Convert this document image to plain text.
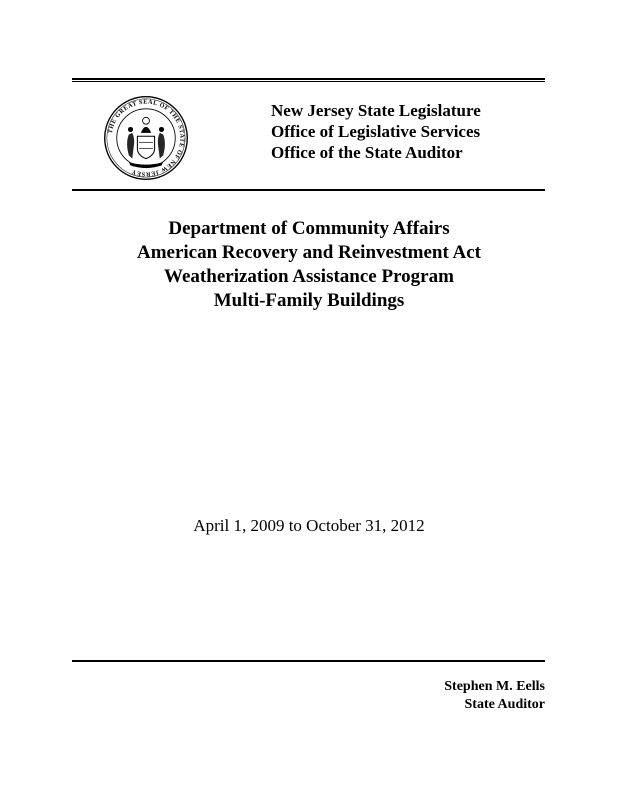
THE GREAT SEAL OF THE STATE OF NEW JERSEY
New Jersey State Legislature
Office of Legislative Services
Office of the State Auditor
Department of Community Affairs
American Recovery and Reinvestment Act
Weatherization Assistance Program
Multi-Family Buildings
April 1, 2009 to October 31, 2012
Stephen M. Eells
State Auditor
